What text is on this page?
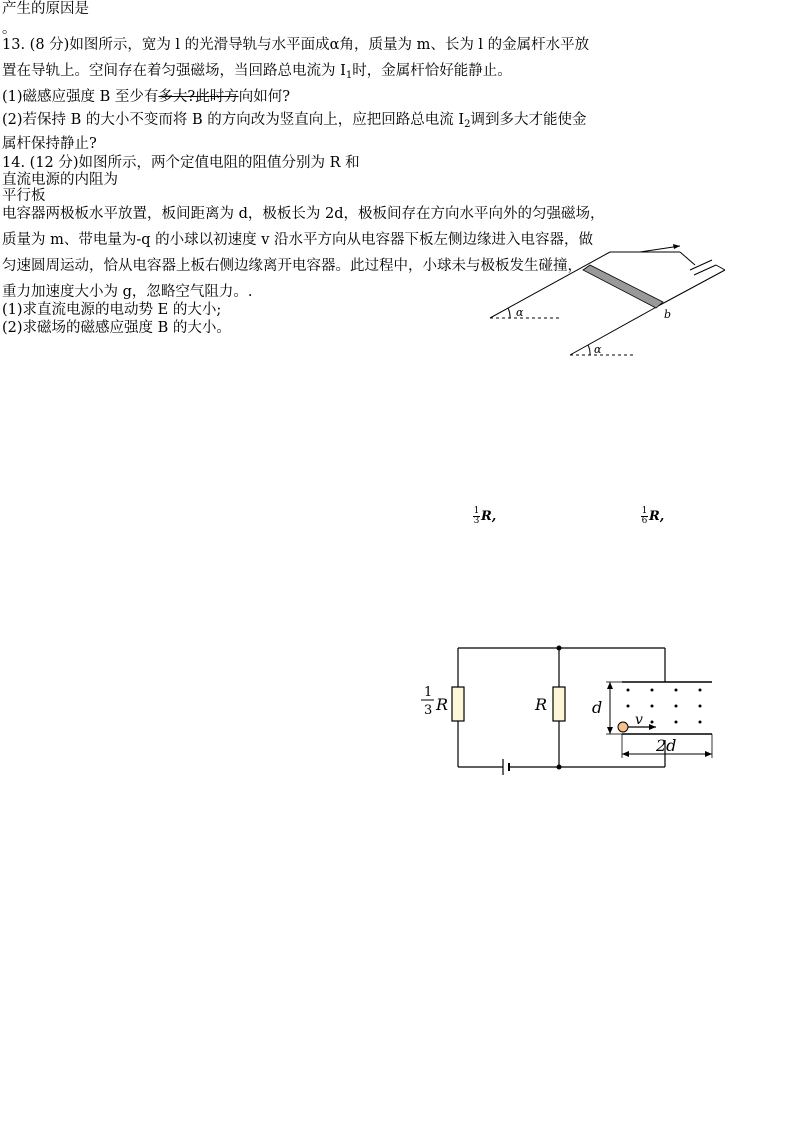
产生的原因是
。
13. (8 分)如图所示，宽为 l 的光滑导轨与水平面成α角，质量为 m、长为 l 的金属杆水平放
置在导轨上。空间存在着匀强磁场，当回路总电流为 $I_1$时，金属杆恰好能静止。
(1)磁感应强度 B 至少有多大?此时方向如何?
(2)若保持 B 的大小不变而将 B 的方向改为竖直向上，应把回路总电流 $I_2$调到多大才能使金
属杆保持静止?
14. (12 分)如图所示，两个定值电阻的阻值分别为 R 和
直流电源的内阻为
平行板
电容器两极板水平放置，板间距离为 d，极板长为 2d，极板间存在方向水平向外的匀强磁场，
质量为 m、带电量为-q 的小球以初速度 v 沿水平方向从电容器下板左侧边缘进入电容器，做
匀速圆周运动，恰从电容器上板右侧边缘离开电容器。此过程中，小球未与极板发生碰撞，
重力加速度大小为 g，忽略空气阻力。.
(1)求直流电源的电动势 E 的大小;
(2)求磁场的磁感应强度 B 的大小。
α
α
b
$\frac{1}{3} R$,	$\frac{1}{6} R$,
v
d
2d
R
1
3 R
